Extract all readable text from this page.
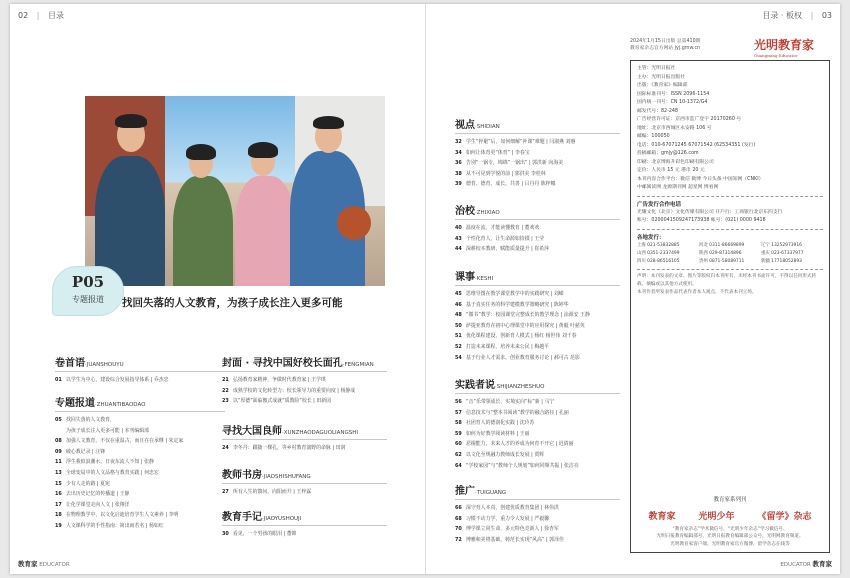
02 | 目录
P05
专题报道	找回失落的人文教育，为孩子成长注入更多可能
卷首语·JUANSHOUYU
01 以学生为中心，建设综合发展指导体系 | 乔杰忠
专题报道·ZHUANTIBAODAO
05 找回失落的人文教育，
为孩子成长注入更多可能 | 本刊编辑部
08 加强人文教育，不仅在重温古，而且在在承继 | 朱定家
09 破心教记录 | 汪锋
11 浮生我似浪潮水，日夜东流人不知 | 张静
13 全球变局中的人文品格与教育实践 | 何忠宏
15 少有人走的路 | 夏宛
16 去出历史记忆的传播道 | 王静
17 让化学课堂走向人文 | 张翔洋
18 在物理教学中，以文化启迪培育学生人文素养 | 李明
19 人文课科学的手性指南：简出而若名 | 杨如红
封面 · 寻找中国好校长面孔·FENGMIAN
21 弘扬教育家精神，争做时代教育家 | 王学琪
22 成熟学校的文化转型力：校长领导力的重要向度 | 杨静成
23 以“厚德”面临傲式成就“质教险”校长 | 田新园
寻找大国良师·XUNZHAODAGUOLIANGSHI
24 李冬丹：跟随一棵孔，等乡村教育演野的命脉 | 田润
教师书房·JIAOSHISHUFANG
27 所有人生的馈问，向阳而升 | 王梓霖
教育手记·JIAOYUSHOUJI
30 看见，一个男孩的眼泪 | 董锦
教育家 EDUCATOR
目录 · 板权 | 03
视点·SHIDIAN
32 学生“猝避”后，如何细解“补课”难题 | 闫淑燕 刘惠
34 如何让体育更“体育” | 李春宝
36 告别“一锅专，锦绵”一锅出” | 郭洪新 向海美
38 从不可见到学悦的前 | 郭洪美 李桂林
39 德育、德育、成长、共善 | 吕丹丹 陈梓娜
治校·ZHIXIAO
40 温度在流，才能读懂教育 | 董欢欢
43 个性化育人，让生命源如拾掇 | 王莹
44 深耕校本教研，赋能质量提升 | 崔希萍
课事·KESHI
45 思维导图在教学课堂教学中的实践研究 | 刘嵘
46 基于真实任务的科学建模教学策略研究 | 陈婷华
48 “微书”教学：校园课堂完整成长的教学理念 | 涂源安 王静
50 萨提亚教育在初中心理课堂中的应用探究 | 黄毅 叶慈英
51 优化课程建设，创新育人模式 | 杨红 杨世伟 刘千春
52 打造未来课程，培养未来公民 | 梅越平
54 基于行业人才需求，创业教育服务讨论 | 郝可古 范影
实践者说·SHIJIANZHESHUO
56 “音”乐带领成长，实境实向“标”新 | 马宁
57 信息技术与“整本书阅读”教学的融合路径 | 孔丽
58 社团育人的德润化实践 | 沈玲苏
59 如何为好教学阅读材料 | 王丽
60 恶棍能力，未来人才的养成为何育不开它 | 迟倩丽
62 以文化至规融力教师成长发展 | 贾辉
64 “学校家园”与“教师个人规划”如何同频共振 | 张洁亮
推广·TUIGUANG
66 深守育人本真，创建优质教育集团 | 林伟洪
68 习惯不动力学，重力令人发展 | 严毅馨
70 博学课立同生命，多元特色竞新人 | 徐杏军
72 博雅和美将基础，铸范长实现“风高” | 郭泽佳
2024年1月15日出版 总第410期
教育家杂志官方网站 jyj.gmw.cn	光明教育家
Guangming Educator
主管：光明日报社
主办：光明日报出版社
出版：《教育家》编辑部
国际标准刊号：ISSN 2096-1154
国内统一刊号：CN 10-1372/G4
邮发代号：82-248
广告经营许可证：京西市监广登字 20170260 号
地址：北京市西城区永安路 106 号
邮编：100050
电话：010-67071245 67071542 (62534351 (发行)
投稿邮箱：gmjy@126.com
印刷：北京博海升彩色印刷有限公司
定价：人民币 15 元 港币 20 元
本刊内容合作平台：微信 微博 今日头条 中国知网（CNKI）
中邮阅读网 龙源期刊网 超星网 博看网
广告发行合作电话
光耀文化（北京）文化传媒有限公司 开户行：工商银行北京东四支行
账号：0200041509247173938 帐号：(021) 0000 9418
各地发行：
上海 021-53832885	河北 0311-86669899	辽宁 13252973916
山西 0351-2337499	陕西 029-87314896	重庆 023-67337977
四川 028-86516105	贵州 0871-58089711	新疆 17718052893
声明：本刊发表的文章、图片等版权归本刊所有，未经本刊书面许可，不得以任何形式转载、摘编或以其他方式使用。
本刊作者所发表作品代表作者本人观点，不代表本刊立场。
教育家系列刊
教育家	光明少年	《留学》杂志
“教育家杂志”学术微信号、“光明少年杂志”学习微信号、
光明日报教育编辑部号、光明日报教育编辑部公众号，光明网教育频道。
光明教育家客户端、光明教育家官方微博、留学杂志在线等
EDUCATOR 教育家
